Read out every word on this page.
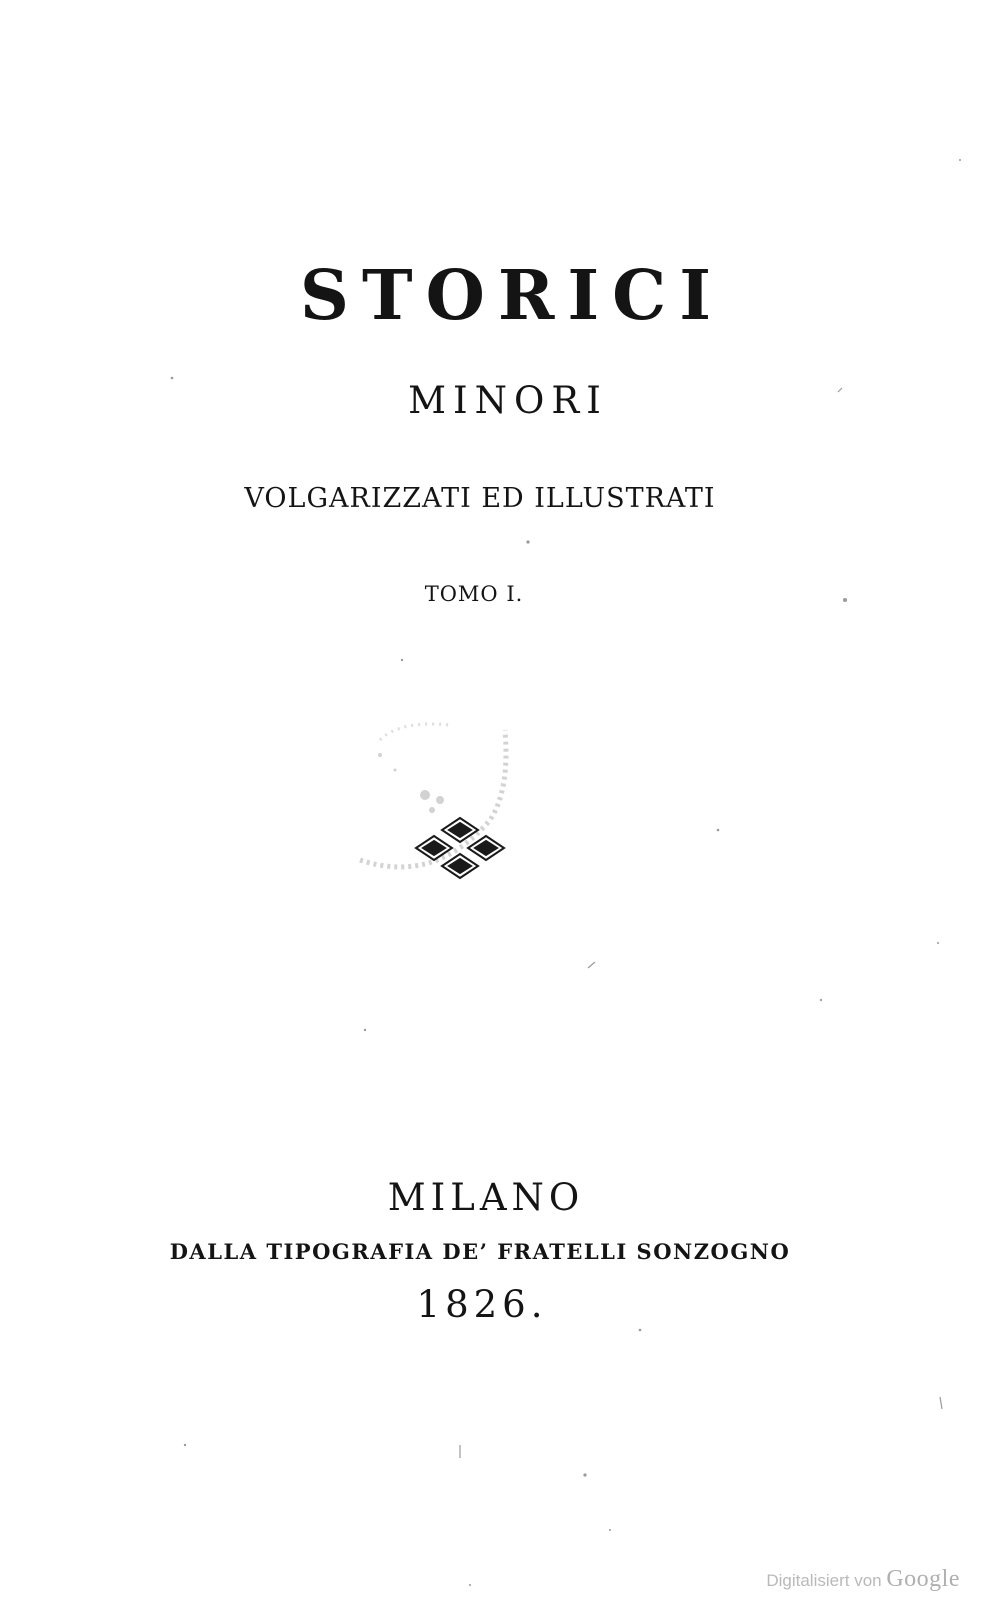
STORICI
MINORI
VOLGARIZZATI ED ILLUSTRATI
TOMO I.
MILANO
DALLA TIPOGRAFIA DE’ FRATELLI SONZOGNO
1826.
Digitalisiert von Google
